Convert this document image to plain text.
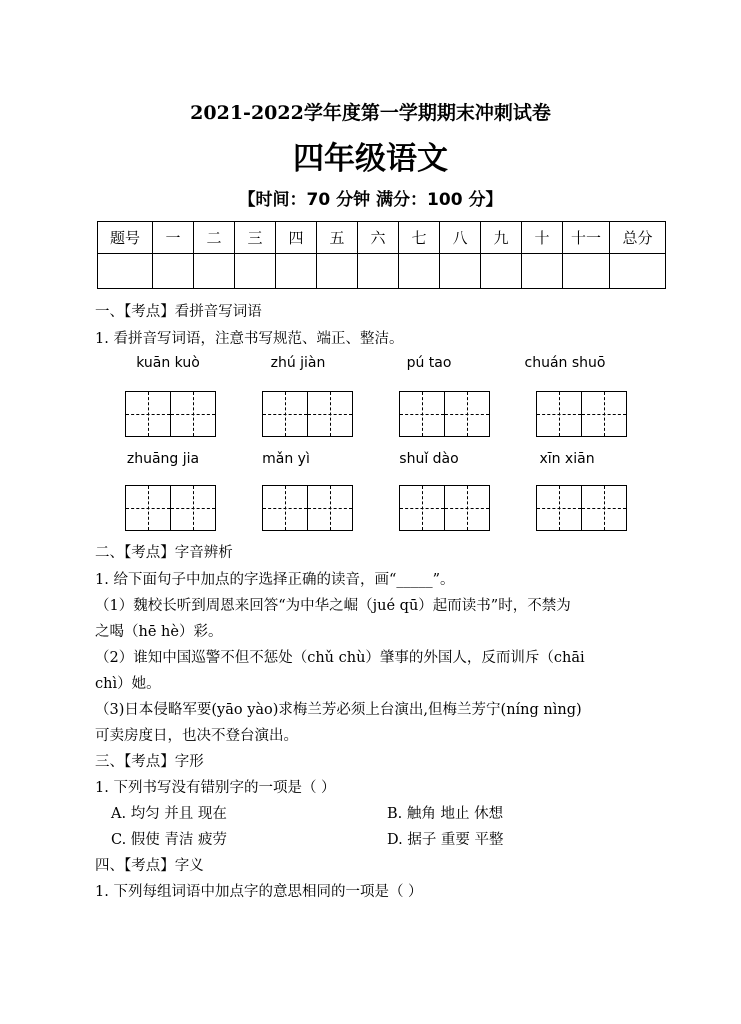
2021-2022学年度第一学期期末冲刺试卷
四年级语文
【时间：70 分钟 满分：100 分】
题号	一	二	三	四	五	六	七	八	九	十	十一	总分

一、【考点】看拼音写词语
1. 看拼音写词语，注意书写规范、端正、整洁。
kuān kuò	zhú jiàn	pú tao	chuán shuō
zhuāng jia	mǎn yì	shuǐ dào	xīn xiān
二、【考点】字音辨析
1. 给下面句子中加点的字选择正确的读音，画“_____”。
（1）魏校长听到周恩来回答“为中华之崛（jué qū）起而读书”时，不禁为
之喝（hē hè）彩。
（2）谁知中国巡警不但不惩处（chǔ chù）肇事的外国人，反而训斥（chāi
chì）她。
（3)日本侵略军要(yāo yào)求梅兰芳必须上台演出,但梅兰芳宁(níng nìng)
可卖房度日，也决不登台演出。
三、【考点】字形
1. 下列书写没有错别字的一项是（ ）
A. 均匀 并且 现在	B. 触角 地止 休想
C. 假使 青洁 疲劳	D. 据子 重要 平整
四、【考点】字义
1. 下列每组词语中加点字的意思相同的一项是（ ）
